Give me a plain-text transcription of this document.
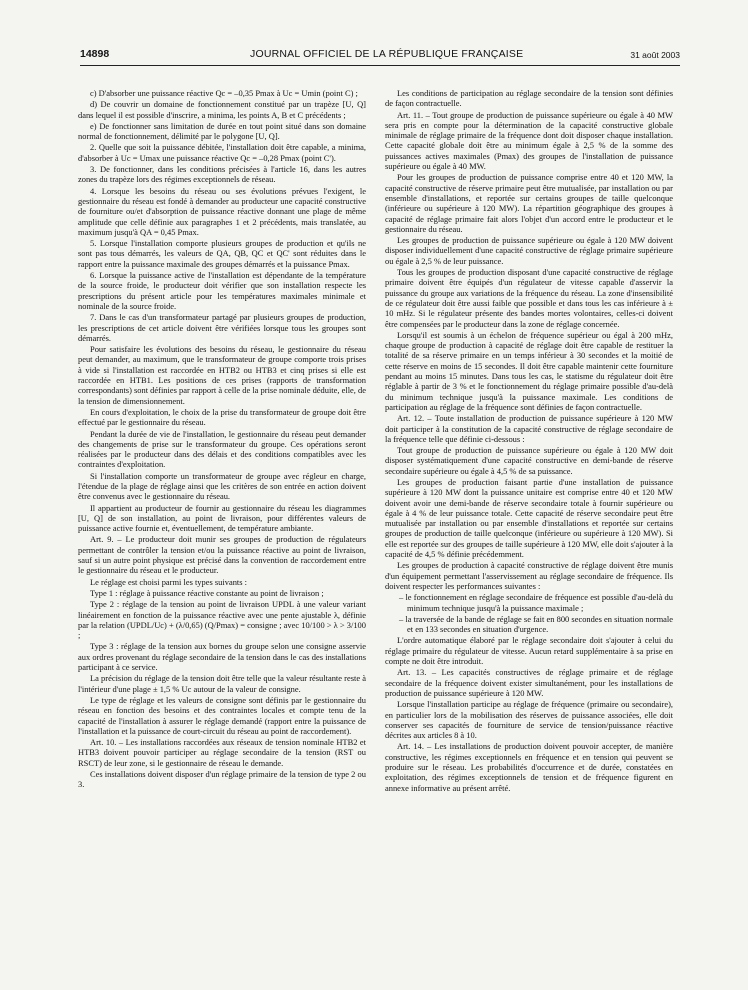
14898	JOURNAL OFFICIEL DE LA RÉPUBLIQUE FRANÇAISE	31 août 2003

c) D'absorber une puissance réactive Qc = –0,35 Pmax à Uc = Umin (point C) ;

d) De couvrir un domaine de fonctionnement constitué par un trapèze [U, Q] dans lequel il est possible d'inscrire, a minima, les points A, B et C précédents ;

e) De fonctionner sans limitation de durée en tout point situé dans son domaine normal de fonctionnement, délimité par le polygone [U, Q].

2. Quelle que soit la puissance débitée, l'installation doit être capable, a minima, d'absorber à Uc = Umax une puissance réactive Qc = –0,28 Pmax (point C').

3. De fonctionner, dans les conditions précisées à l'article 16, dans les autres zones du trapèze lors des régimes exceptionnels de réseau.

4. Lorsque les besoins du réseau ou ses évolutions prévues l'exigent, le gestionnaire du réseau est fondé à demander au producteur une capacité constructive de fourniture ou/et d'absorption de puissance réactive donnant une plage de même amplitude que celle définie aux paragraphes 1 et 2 précédents, mais translatée, au maximum jusqu'à QA = 0,45 Pmax.

5. Lorsque l'installation comporte plusieurs groupes de production et qu'ils ne sont pas tous démarrés, les valeurs de QA, QB, QC et QC' sont réduites dans le rapport entre la puissance maximale des groupes démarrés et la puissance Pmax.

6. Lorsque la puissance active de l'installation est dépendante de la température de la source froide, le producteur doit vérifier que son installation respecte les prescriptions du présent article pour les températures maximales minimale et nominale de la source froide.

7. Dans le cas d'un transformateur partagé par plusieurs groupes de production, les prescriptions de cet article doivent être vérifiées lorsque tous les groupes sont démarrés.

Pour satisfaire les évolutions des besoins du réseau, le gestionnaire du réseau peut demander, au maximum, que le transformateur de groupe comporte trois prises à vide si l'installation est raccordée en HTB2 ou HTB3 et cinq prises si elle est raccordée en HTB1. Les positions de ces prises (rapports de transformation correspondants) sont définies par rapport à celle de la prise nominale déduite, elle, de la tension de dimensionnement.

En cours d'exploitation, le choix de la prise du transformateur de groupe doit être effectué par le gestionnaire du réseau.

Pendant la durée de vie de l'installation, le gestionnaire du réseau peut demander des changements de prise sur le transformateur du groupe. Ces opérations seront réalisées par le producteur dans des délais et des conditions compatibles avec les contraintes d'exploitation.

Si l'installation comporte un transformateur de groupe avec régleur en charge, l'étendue de la plage de réglage ainsi que les critères de son entrée en action doivent être convenus avec le gestionnaire du réseau.

Il appartient au producteur de fournir au gestionnaire du réseau les diagrammes [U, Q] de son installation, au point de livraison, pour différentes valeurs de puissance active fournie et, éventuellement, de température ambiante.

Art. 9. – Le producteur doit munir ses groupes de production de régulateurs permettant de contrôler la tension et/ou la puissance réactive au point de livraison, sauf si un autre point physique est précisé dans la convention de raccordement entre le gestionnaire du réseau et le producteur.

Le réglage est choisi parmi les types suivants :

Type 1 : réglage à puissance réactive constante au point de livraison ;

Type 2 : réglage de la tension au point de livraison UPDL à une valeur variant linéairement en fonction de la puissance réactive avec une pente ajustable λ, définie par la relation (UPDL/Uc) + (λ/0,65) (Q/Pmax) = consigne ; avec 10/100 > λ > 3/100 ;

Type 3 : réglage de la tension aux bornes du groupe selon une consigne asservie aux ordres provenant du réglage secondaire de la tension dans le cas des installations participant à ce service.

La précision du réglage de la tension doit être telle que la valeur résultante reste à l'intérieur d'une plage ± 1,5 % Uc autour de la valeur de consigne.

Le type de réglage et les valeurs de consigne sont définis par le gestionnaire du réseau en fonction des besoins et des contraintes locales et compte tenu de la capacité de l'installation à assurer le réglage demandé (rapport entre la puissance de l'installation et la puissance de court-circuit du réseau au point de raccordement).

Art. 10. – Les installations raccordées aux réseaux de tension nominale HTB2 et HTB3 doivent pouvoir participer au réglage secondaire de la tension (RST ou RSCT) de leur zone, si le gestionnaire de réseau le demande.

Ces installations doivent disposer d'un réglage primaire de la tension de type 2 ou 3.

Les conditions de participation au réglage secondaire de la tension sont définies de façon contractuelle.

Art. 11. – Tout groupe de production de puissance supérieure ou égale à 40 MW sera pris en compte pour la détermination de la capacité constructive globale minimale de réglage primaire de la fréquence dont doit disposer chaque installation. Cette capacité globale doit être au minimum égale à 2,5 % de la somme des puissances actives maximales (Pmax) des groupes de l'installation de puissance supérieure ou égale à 40 MW.

Pour les groupes de production de puissance comprise entre 40 et 120 MW, la capacité constructive de réserve primaire peut être mutualisée, par installation ou par ensemble d'installations, et reportée sur certains groupes de taille quelconque (inférieure ou supérieure à 120 MW). La répartition géographique des groupes à capacité de réglage primaire fait alors l'objet d'un accord entre le producteur et le gestionnaire du réseau.

Les groupes de production de puissance supérieure ou égale à 120 MW doivent disposer individuellement d'une capacité constructive de réglage primaire supérieure ou égale à 2,5 % de leur puissance.

Tous les groupes de production disposant d'une capacité constructive de réglage primaire doivent être équipés d'un régulateur de vitesse capable d'asservir la puissance du groupe aux variations de la fréquence du réseau. La zone d'insensibilité de ce régulateur doit être aussi faible que possible et dans tous les cas inférieure à ± 10 mHz. Si le régulateur présente des bandes mortes volontaires, celles-ci doivent être compensées par le producteur dans la zone de réglage concernée.

Lorsqu'il est soumis à un échelon de fréquence supérieur ou égal à 200 mHz, chaque groupe de production à capacité de réglage doit être capable de restituer la totalité de sa réserve primaire en un temps inférieur à 30 secondes et la moitié de cette réserve en moins de 15 secondes. Il doit être capable maintenir cette fourniture pendant au moins 15 minutes. Dans tous les cas, le statisme du régulateur doit être réglable à partir de 3 % et le fonctionnement du réglage primaire possible d'au-delà du minimum technique jusqu'à la puissance maximale. Les conditions de participation au réglage de la fréquence sont définies de façon contractuelle.

Art. 12. – Toute installation de production de puissance supérieure à 120 MW doit participer à la constitution de la capacité constructive de réglage secondaire de la fréquence telle que définie ci-dessous :

Tout groupe de production de puissance supérieure ou égale à 120 MW doit disposer systématiquement d'une capacité constructive en demi-bande de réserve secondaire supérieure ou égale à 4,5 % de sa puissance.

Les groupes de production faisant partie d'une installation de puissance supérieure à 120 MW dont la puissance unitaire est comprise entre 40 et 120 MW doivent avoir une demi-bande de réserve secondaire totale à fournir supérieure ou égale à 4 % de leur puissance totale. Cette capacité de réserve secondaire peut être mutualisée par installation ou par ensemble d'installations et reportée sur certains groupes de production de taille quelconque (inférieure ou supérieure à 120 MW). Si elle est reportée sur des groupes de taille supérieure à 120 MW, elle doit s'ajouter à la capacité de 4,5 % définie précédemment.

Les groupes de production à capacité constructive de réglage doivent être munis d'un équipement permettant l'asservissement au réglage secondaire de fréquence. Ils doivent respecter les performances suivantes :

– le fonctionnement en réglage secondaire de fréquence est possible d'au-delà du minimum technique jusqu'à la puissance maximale ;

– la traversée de la bande de réglage se fait en 800 secondes en situation normale et en 133 secondes en situation d'urgence.

L'ordre automatique élaboré par le réglage secondaire doit s'ajouter à celui du réglage primaire du régulateur de vitesse. Aucun retard supplémentaire à sa prise en compte ne doit être introduit.

Art. 13. – Les capacités constructives de réglage primaire et de réglage secondaire de la fréquence doivent exister simultanément, pour les installations de production de puissance supérieure à 120 MW.

Lorsque l'installation participe au réglage de fréquence (primaire ou secondaire), en particulier lors de la mobilisation des réserves de puissance associées, elle doit conserver ses capacités de fourniture de service de tension/puissance réactive décrites aux articles 8 à 10.

Art. 14. – Les installations de production doivent pouvoir accepter, de manière constructive, les régimes exceptionnels en fréquence et en tension qui peuvent se produire sur le réseau. Les probabilités d'occurrence et de durée, constatées en exploitation, des régimes exceptionnels de tension et de fréquence figurent en annexe informative au présent arrêté.
